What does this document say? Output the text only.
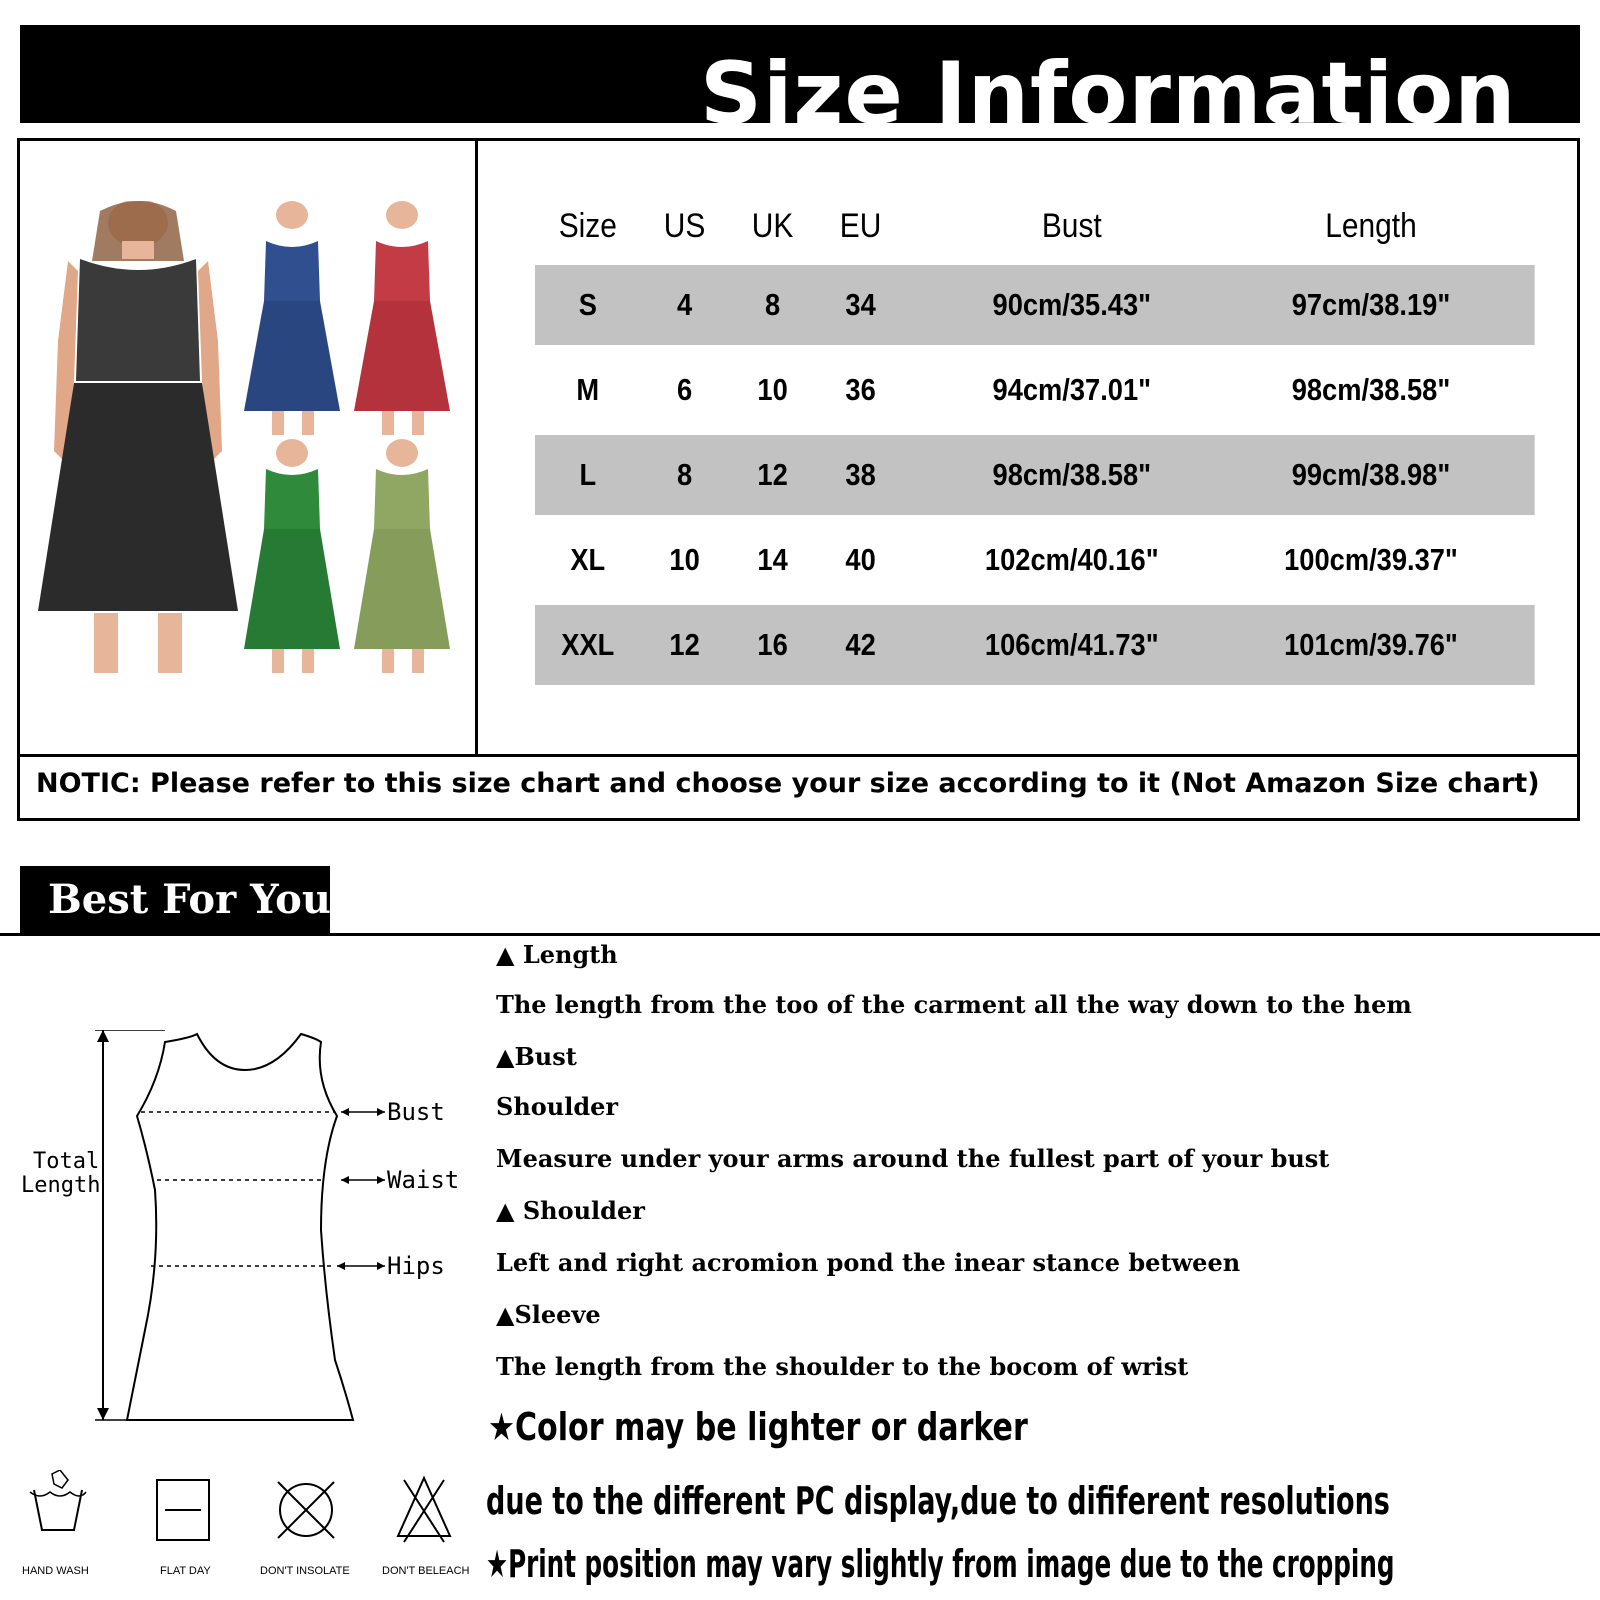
Size Information
Size	US	UK	EU	Bust	Length
S	4	8	34	90cm/35.43"	97cm/38.19"
M	6	10	36	94cm/37.01"	98cm/38.58"
L	8	12	38	98cm/38.58"	99cm/38.98"
XL	10	14	40	102cm/40.16"	100cm/39.37"
XXL	12	16	42	106cm/41.73"	101cm/39.76"
NOTIC: Please refer to this size chart and choose your size according to it (Not Amazon Size chart)
Best For You
Total
Length
Bust
Waist
Hips
HAND WASH	FLAT DAY	DON'T INSOLATE	DON'T BELEACH
▲ Length
The length from the too of the carment all the way down to the hem
▲Bust
Shoulder
Measure under your arms around the fullest part of your bust
▲ Shoulder
Left and right acromion pond the inear stance between
▲Sleeve
The length from the shoulder to the bocom of wrist
★Color may be lighter or darker
due to the different PC display,due to dififerent resolutions
★Print position may vary slightly from image due to the cropping
